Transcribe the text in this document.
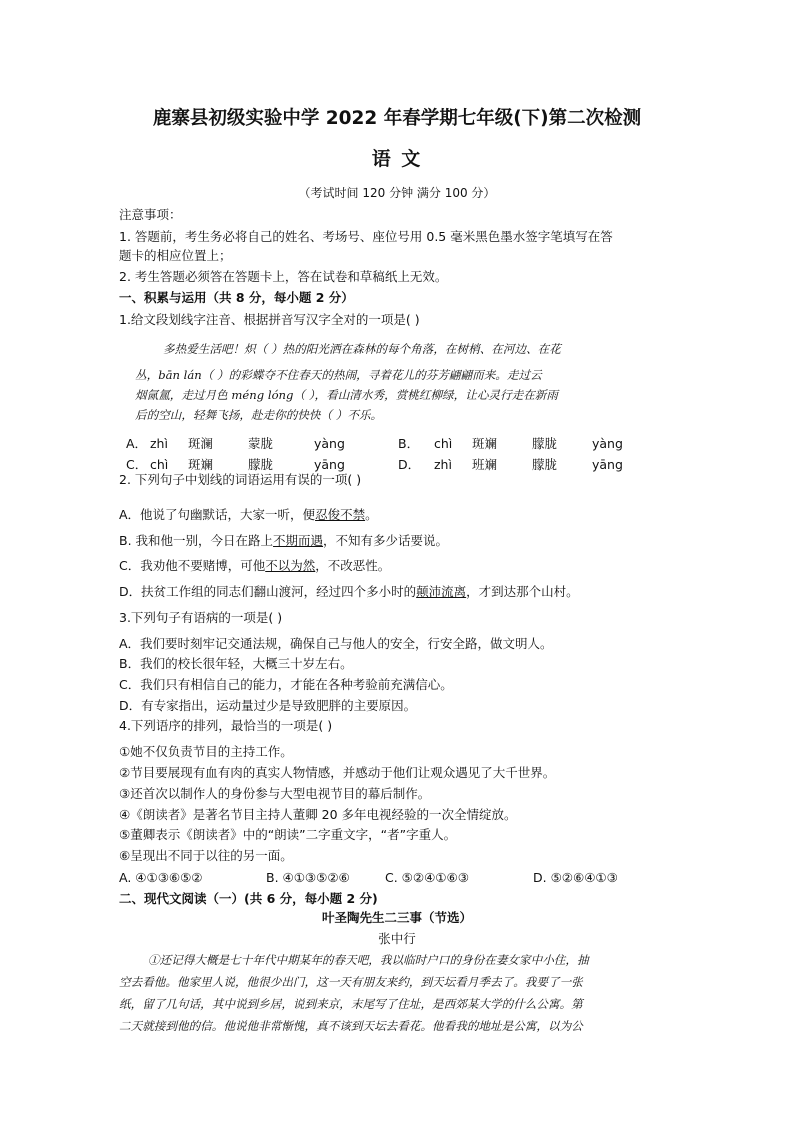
鹿寨县初级实验中学 2022 年春学期七年级(下)第二次检测
语 文
（考试时间 120 分钟 满分 100 分）
注意事项：
1. 答题前，考生务必将自己的姓名、考场号、座位号用 0.5 毫米黑色墨水签字笔填写在答
题卡的相应位置上；
2. 考生答题必须答在答题卡上，答在试卷和草稿纸上无效。
一、积累与运用（共 8 分，每小题 2 分）
1.给文段划线字注音、根据拼音写汉字全对的一项是( )
多热爱生活吧！炽（ ）热的阳光洒在森林的每个角落，在树梢、在河边、在花
丛，bān lán（ ）的彩蝶夺不住春天的热闹，寻着花儿的芬芳翩翩而来。走过云
烟氤氲，走过月色 méng lóng（ ），看山清水秀，赏桃红柳绿，让心灵行走在新雨
后的空山，轻舞飞扬，赴走你的快快（ ）不乐。
A． zhì 斑澜	蒙胧	yàng	B． chì 斑斓	朦胧	yàng
C． chì 斑斓	朦胧	yāng	D． zhì 班斓	朦胧	yāng
2. 下列句子中划线的词语运用有误的一项( )
A．他说了句幽默话，大家一听，便忍俊不禁。
B. 我和他一别，今日在路上不期而遇，不知有多少话要说。
C．我劝他不要赌博，可他不以为然，不改恶性。
D．扶贫工作组的同志们翻山渡河，经过四个多小时的颠沛流离，才到达那个山村。
3.下列句子有语病的一项是( )
A．我们要时刻牢记交通法规，确保自己与他人的安全，行安全路，做文明人。
B．我们的校长很年轻，大概三十岁左右。
C．我们只有相信自己的能力，才能在各种考验前充满信心。
D．有专家指出，运动量过少是导致肥胖的主要原因。
4.下列语序的排列，最恰当的一项是( )
①她不仅负责节目的主持工作。
②节目要展现有血有肉的真实人物情感，并感动于他们让观众遇见了大千世界。
③还首次以制作人的身份参与大型电视节目的幕后制作。
④《朗读者》是著名节目主持人董卿 20 多年电视经验的一次全情绽放。
⑤董卿表示《朗读者》中的“朗读”二字重文字，“者”字重人。
⑥呈现出不同于以往的另一面。
A. ④①③⑥⑤②	B. ④①③⑤②⑥	C. ⑤②④①⑥③	D. ⑤②⑥④①③
二、现代文阅读（一）(共 6 分，每小题 2 分)
叶圣陶先生二三事（节选）
张中行
①还记得大概是七十年代中期某年的春天吧，我以临时户口的身份在妻女家中小住，抽
空去看他。他家里人说，他很少出门，这一天有朋友来约，到天坛看月季去了。我要了一张
纸，留了几句话，其中说到乡居，说到来京，末尾写了住址，是西郊某大学的什么公寓。第
二天就接到他的信。他说他非常惭愧，真不该到天坛去看花。他看我的地址是公寓，以为公
